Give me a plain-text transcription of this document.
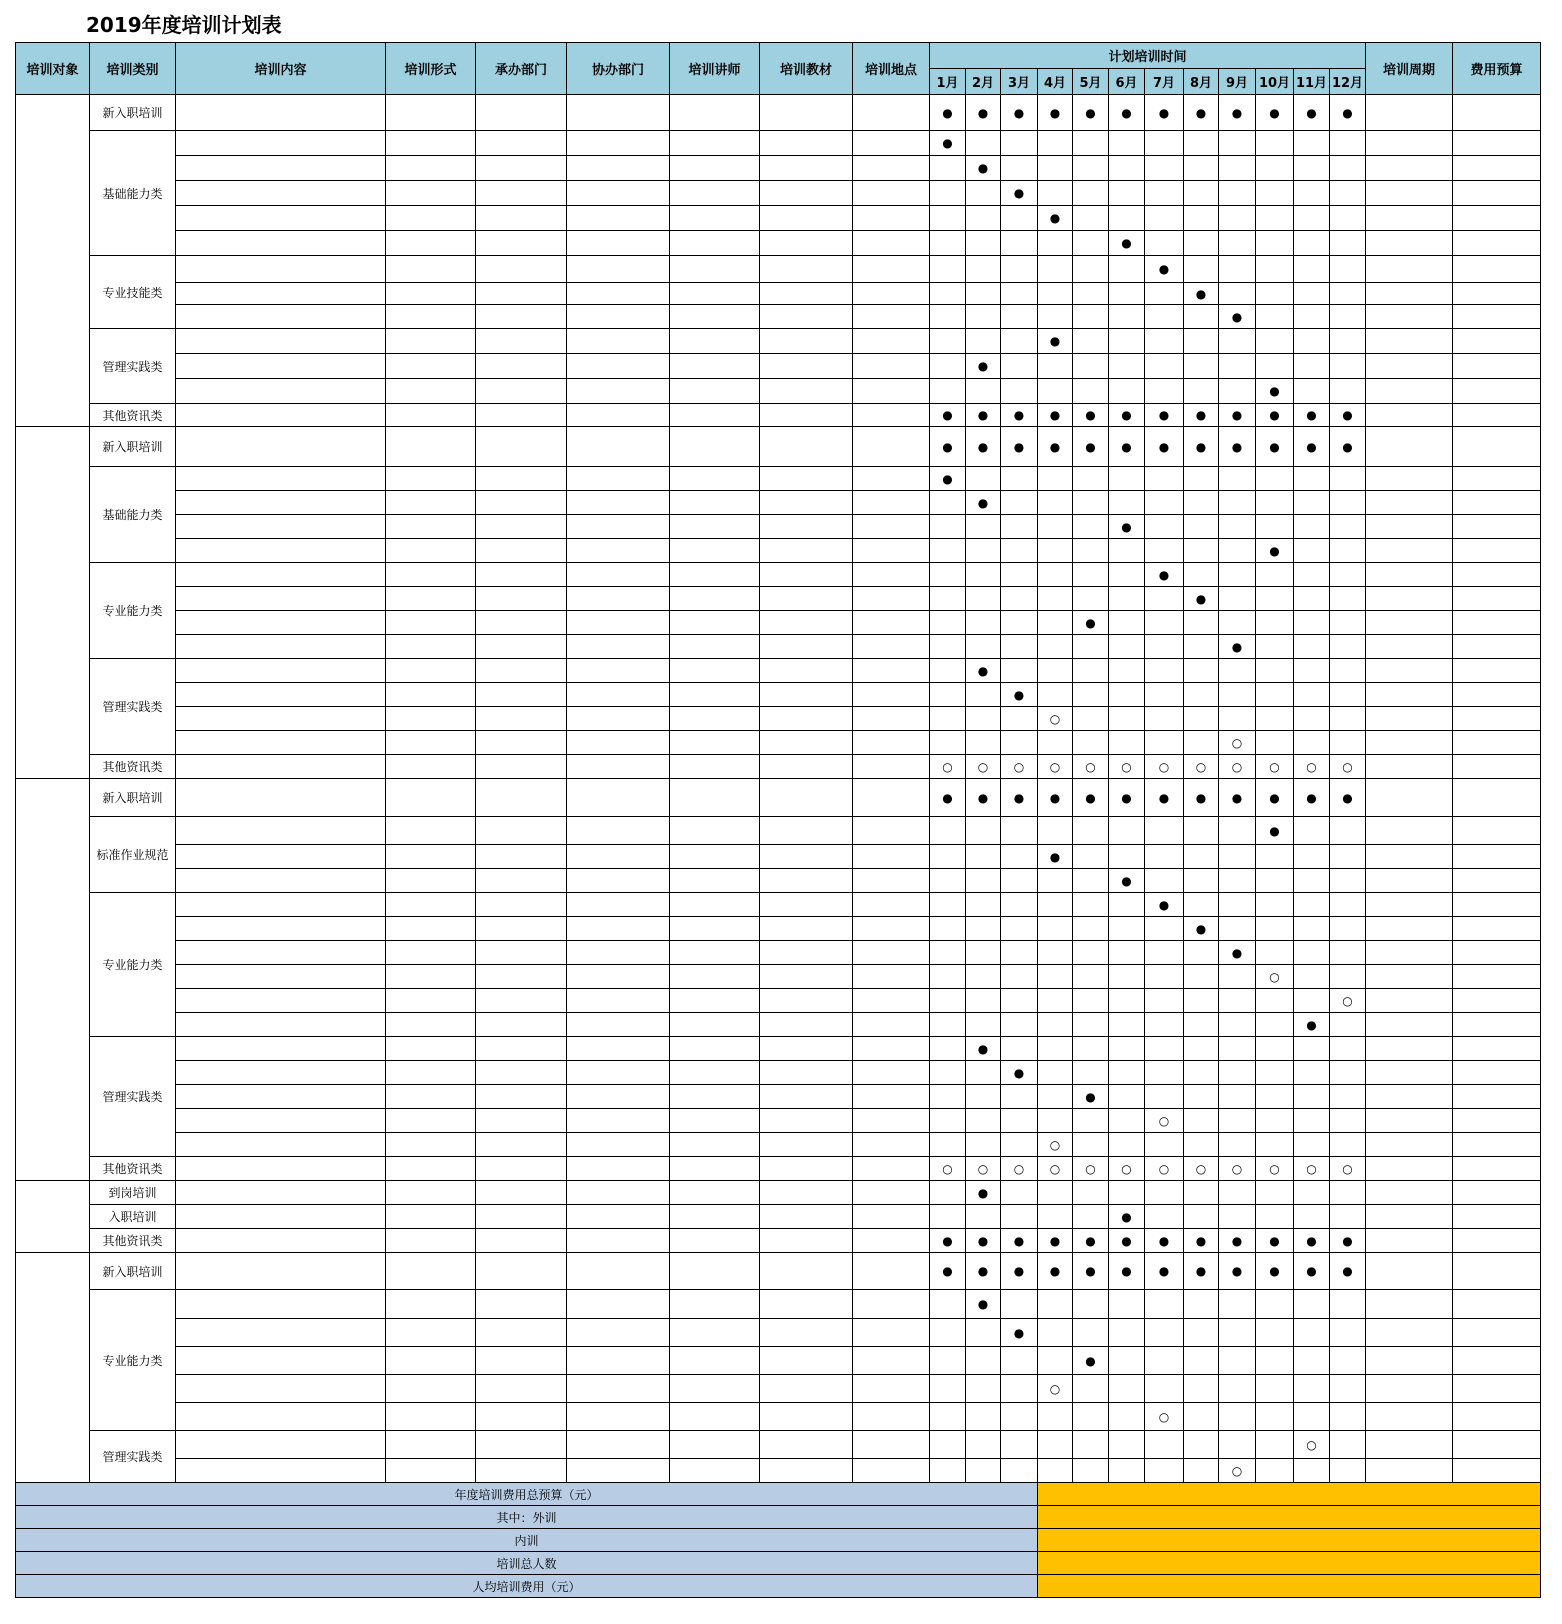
2019年度培训计划表
培训对象	培训类别	培训内容	培训形式	承办部门	协办部门	培训讲师	培训教材	培训地点	计划培训时间												培训周期	费用预算
									1月	2月	3月	4月	5月	6月	7月	8月	9月	10月	11月	12月		
	新入职培训								●	●	●	●	●	●	●	●	●	●	●	●		
	基础能力类								●													
										●												
											●											
												●										
														●								
	专业技能类														●							
																●						
																	●					
	管理实践类											●										
										●												
																		●				
	其他资讯类								●	●	●	●	●	●	●	●	●	●	●	●		
	新入职培训								●	●	●	●	●	●	●	●	●	●	●	●		
	基础能力类								●													
										●												
														●								
																		●				
	专业能力类														●							
																●						
													●									
																	●					
	管理实践类									●												
											●											
												○										
																	○					
	其他资讯类								○	○	○	○	○	○	○	○	○	○	○	○		
	新入职培训								●	●	●	●	●	●	●	●	●	●	●	●		
	标准作业规范																	●				
												●										
														●								
	专业能力类														●							
																●						
																	●					
																		○				
																				○		
																			●			
	管理实践类									●												
											●											
													●									
															○							
												○										
	其他资讯类								○	○	○	○	○	○	○	○	○	○	○	○		
	到岗培训									●												
	入职培训													●								
	其他资讯类								●	●	●	●	●	●	●	●	●	●	●	●		
	新入职培训								●	●	●	●	●	●	●	●	●	●	●	●		
	专业能力类									●												
											●											
													●									
												○										
															○							
	管理实践类																		○			
																	○					
年度培训费用总预算（元）																						
其中：外训																						
内训																						
培训总人数																						
人均培训费用（元）																						
